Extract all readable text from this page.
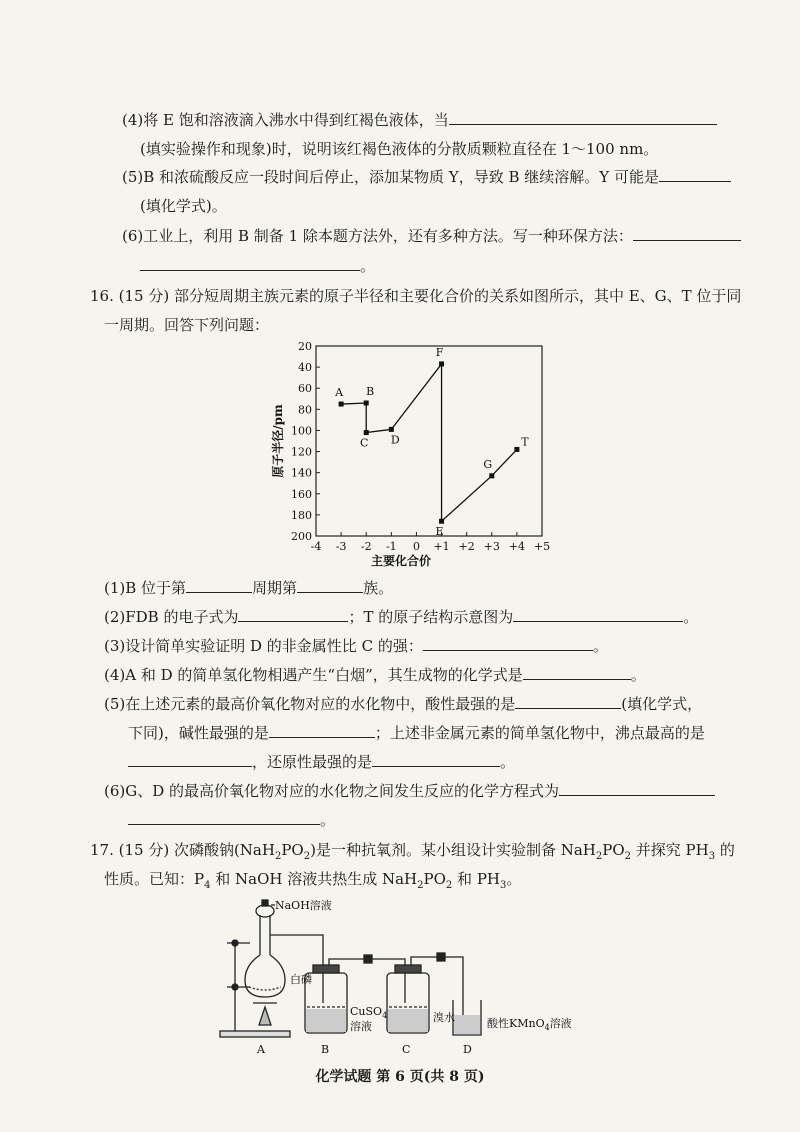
(4)将 E 饱和溶液滴入沸水中得到红褐色液体，当
(填实验操作和现象)时，说明该红褐色液体的分散质颗粒直径在 1～100 nm。
(5)B 和浓硫酸反应一段时间后停止，添加某物质 Y，导致 B 继续溶解。Y 可能是
(填化学式)。
(6)工业上，利用 B 制备 1 除本题方法外，还有多种方法。写一种环保方法：
。
16. (15 分) 部分短周期主族元素的原子半径和主要化合价的关系如图所示，其中 E、G、T 位于同
一周期。回答下列问题：
20
40
60
80
100
120
140
160
180
200
-4 -3 -2 -1 0 +1 +2 +3 +4 +5
主要化合价
原子半径/pm
A B
C D
F
E
G
T
(1)B 位于第	周期第	族。
(2)FDB 的电子式为	；T 的原子结构示意图为	。
(3)设计简单实验证明 D 的非金属性比 C 的强：	。
(4)A 和 D 的简单氢化物相遇产生“白烟”，其生成物的化学式是	。
(5)在上述元素的最高价氧化物对应的水化物中，酸性最强的是	(填化学式，
下同)，碱性最强的是	；上述非金属元素的简单氢化物中，沸点最高的是
，还原性最强的是	。
(6)G、D 的最高价氧化物对应的水化物之间发生反应的化学方程式为
。
17. (15 分) 次磷酸钠$(NaH_2PO_2)$是一种抗氧剂。某小组设计实验制备 $NaH_2PO_2$ 并探究 $PH_3$ 的
性质。已知：$P_4$ 和 NaOH 溶液共热生成 $NaH_2PO_2$ 和 $PH_3$。
NaOH溶液
白磷
CuSO$_4$
溶液
溴水	酸性KMnO$_4$溶液
A	B	C	D
化学试题 第 6 页(共 8 页)
